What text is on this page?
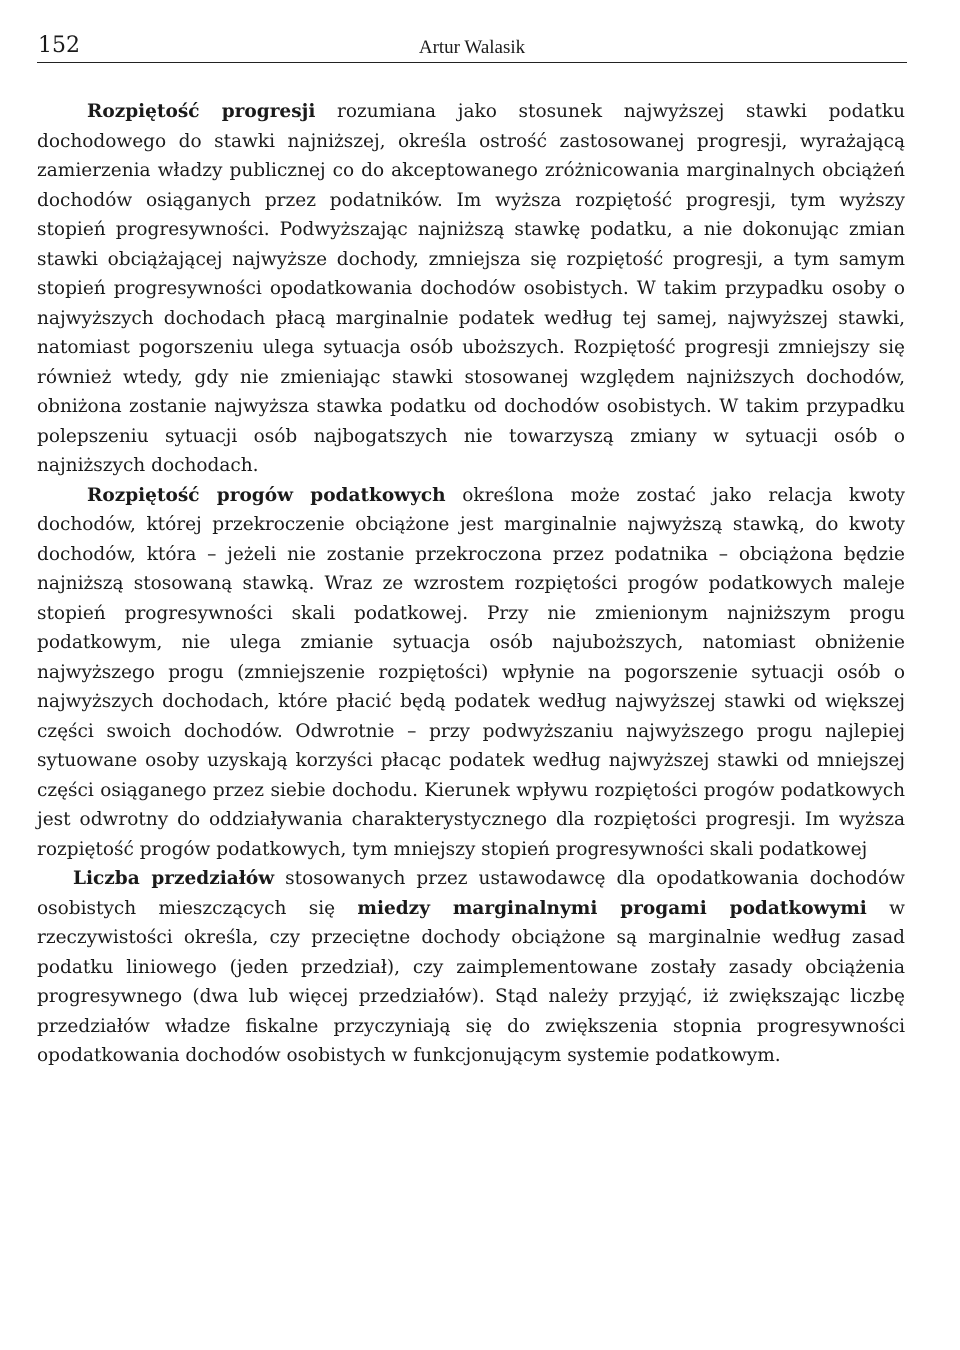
152	Artur Walasik

Rozpiętość progresji rozumiana jako stosunek najwyższej stawki podatku dochodowego do stawki najniższej, określa ostrość zastosowanej progresji, wyrażającą zamierzenia władzy publicznej co do akceptowanego zróżnicowania marginalnych obciążeń dochodów osiąganych przez podatników. Im wyższa rozpiętość progresji, tym wyższy stopień progresywności. Podwyższając najniższą stawkę podatku, a nie dokonując zmian stawki obciążającej najwyższe dochody, zmniejsza się rozpiętość progresji, a tym samym stopień progresywności opodatkowania dochodów osobistych. W takim przypadku osoby o najwyższych dochodach płacą marginalnie podatek według tej samej, najwyższej stawki, natomiast pogorszeniu ulega sytuacja osób uboższych. Rozpiętość progresji zmniejszy się również wtedy, gdy nie zmieniając stawki stosowanej względem najniższych dochodów, obniżona zostanie najwyższa stawka podatku od dochodów osobistych. W takim przypadku polepszeniu sytuacji osób najbogatszych nie towarzyszą zmiany w sytuacji osób o najniższych dochodach.

Rozpiętość progów podatkowych określona może zostać jako relacja kwoty dochodów, której przekroczenie obciążone jest marginalnie najwyższą stawką, do kwoty dochodów, która – jeżeli nie zostanie przekroczona przez podatnika – obciążona będzie najniższą stosowaną stawką. Wraz ze wzrostem rozpiętości progów podatkowych maleje stopień progresywności skali podatkowej. Przy nie zmienionym najniższym progu podatkowym, nie ulega zmianie sytuacja osób najuboższych, natomiast obniżenie najwyższego progu (zmniejszenie rozpiętości) wpłynie na pogorszenie sytuacji osób o najwyższych dochodach, które płacić będą podatek według najwyższej stawki od większej części swoich dochodów. Odwrotnie – przy podwyższaniu najwyższego progu najlepiej sytuowane osoby uzyskają korzyści płacąc podatek według najwyższej stawki od mniejszej części osiąganego przez siebie dochodu. Kierunek wpływu rozpiętości progów podatkowych jest odwrotny do oddziaływania charakterystycznego dla rozpiętości progresji. Im wyższa rozpiętość progów podatkowych, tym mniejszy stopień progresywności skali podatkowej

Liczba przedziałów stosowanych przez ustawodawcę dla opodatkowania dochodów osobistych mieszczących się miedzy marginalnymi progami podatkowymi w rzeczywistości określa, czy przeciętne dochody obciążone są marginalnie według zasad podatku liniowego (jeden przedział), czy zaimplementowane zostały zasady obciążenia progresywnego (dwa lub więcej przedziałów). Stąd należy przyjąć, iż zwiększając liczbę przedziałów władze fiskalne przyczyniają się do zwiększenia stopnia progresywności opodatkowania dochodów osobistych w funkcjonującym systemie podatkowym.
